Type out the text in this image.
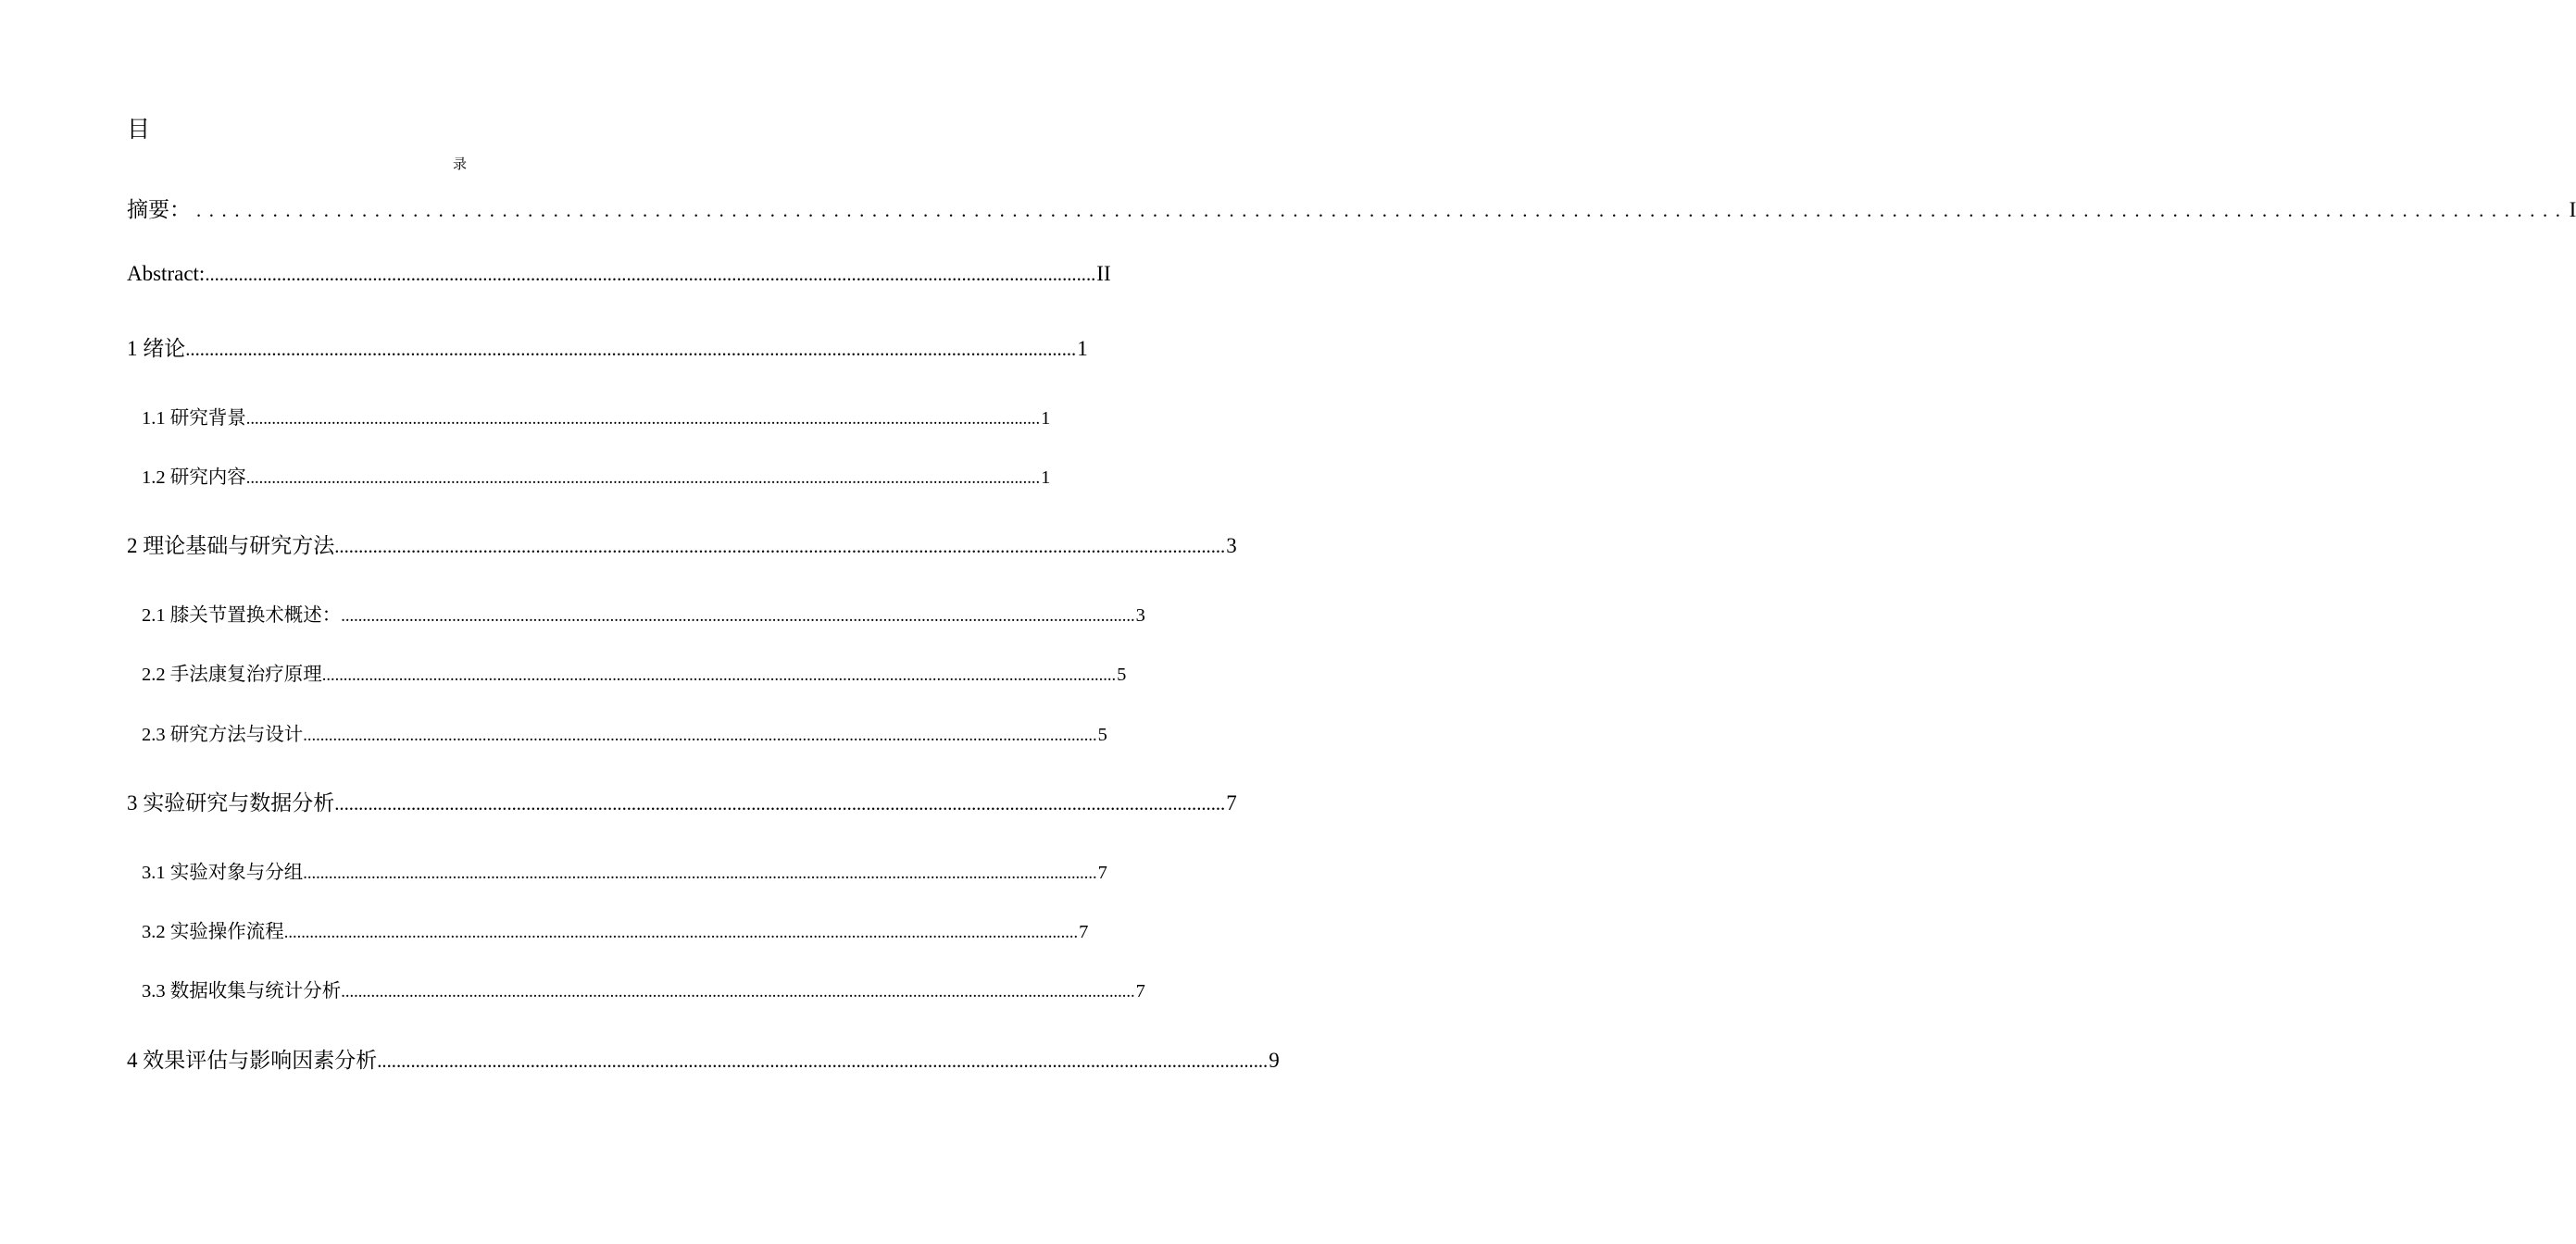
目
录
摘要： .......................................................................................................................................................................................... I
Abstract: .......................................................................................................................................................................................... II
1 绪论 .......................................................................................................................................................................................... 1
1.1 研究背景 .......................................................................................................................................................................................... 1
1.2 研究内容 .......................................................................................................................................................................................... 1
2 理论基础与研究方法 .......................................................................................................................................................................................... 3
2.1 膝关节置换术概述： .......................................................................................................................................................................................... 3
2.2 手法康复治疗原理 .......................................................................................................................................................................................... 5
2.3 研究方法与设计 .......................................................................................................................................................................................... 5
3 实验研究与数据分析 .......................................................................................................................................................................................... 7
3.1 实验对象与分组 .......................................................................................................................................................................................... 7
3.2 实验操作流程 .......................................................................................................................................................................................... 7
3.3 数据收集与统计分析 .......................................................................................................................................................................................... 7
4 效果评估与影响因素分析 .......................................................................................................................................................................................... 9
